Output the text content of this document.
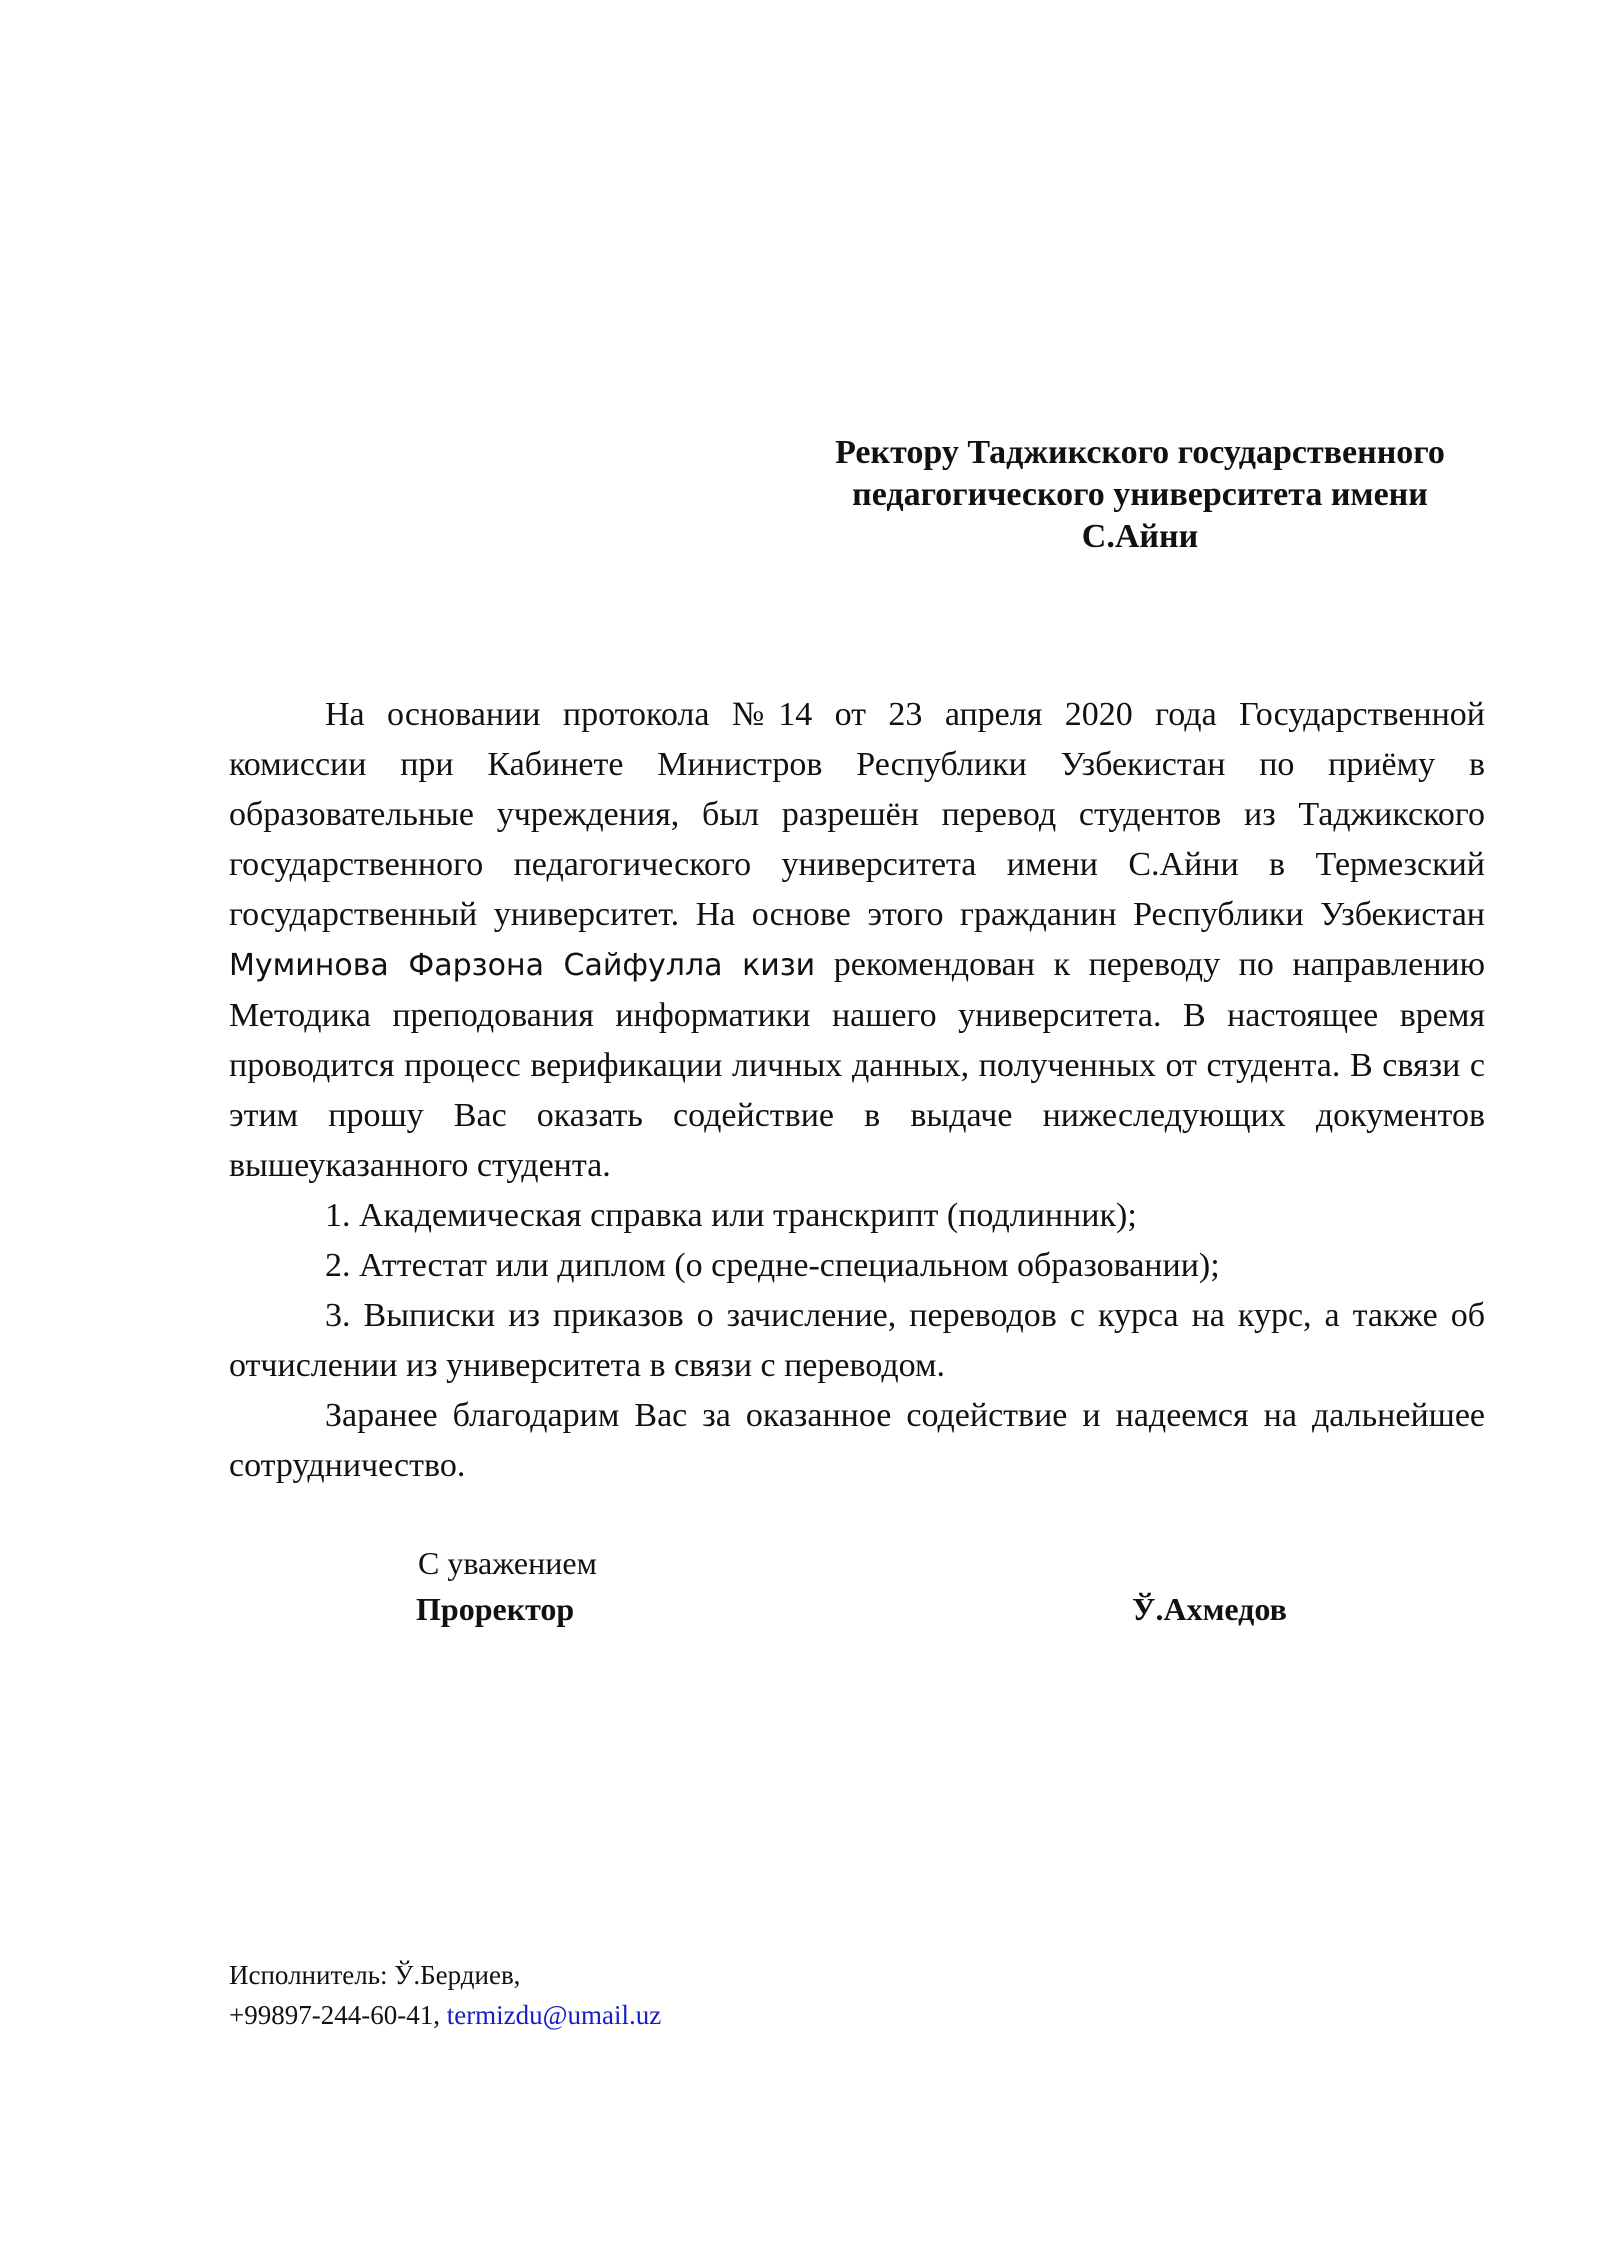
Ректору Таджикского государственного
педагогического университета имени
С.Айни

На основании протокола №14 от 23 апреля 2020 года Государственной комиссии при Кабинете Министров Республики Узбекистан по приёму в образовательные учреждения, был разрешён перевод студентов из Таджикского государственного педагогического университета имени С.Айни в Термезский государственный университет. На основе этого гражданин Республики Узбекистан Муминова Фарзона Сайфулла кизи рекомендован к переводу по направлению Методика преподования информатики нашего университета. В настоящее время проводится процесс верификации личных данных, полученных от студента. В связи с этим прошу Вас оказать содействие в выдаче нижеследующих документов вышеуказанного студента.

1. Академическая справка или транскрипт (подлинник);

2. Аттестат или диплом (о средне-специальном образовании);

3. Выписки из приказов о зачисление, переводов с курса на курс, а также об отчислении из университета в связи с переводом.

Заранее благодарим Вас за оказанное содействие и надеемся на дальнейшее сотрудничество.

С уважением
Проректор	Ў.Ахмедов
Исполнитель: Ў.Бердиев,
+99897-244-60-41, termizdu@umail.uz
